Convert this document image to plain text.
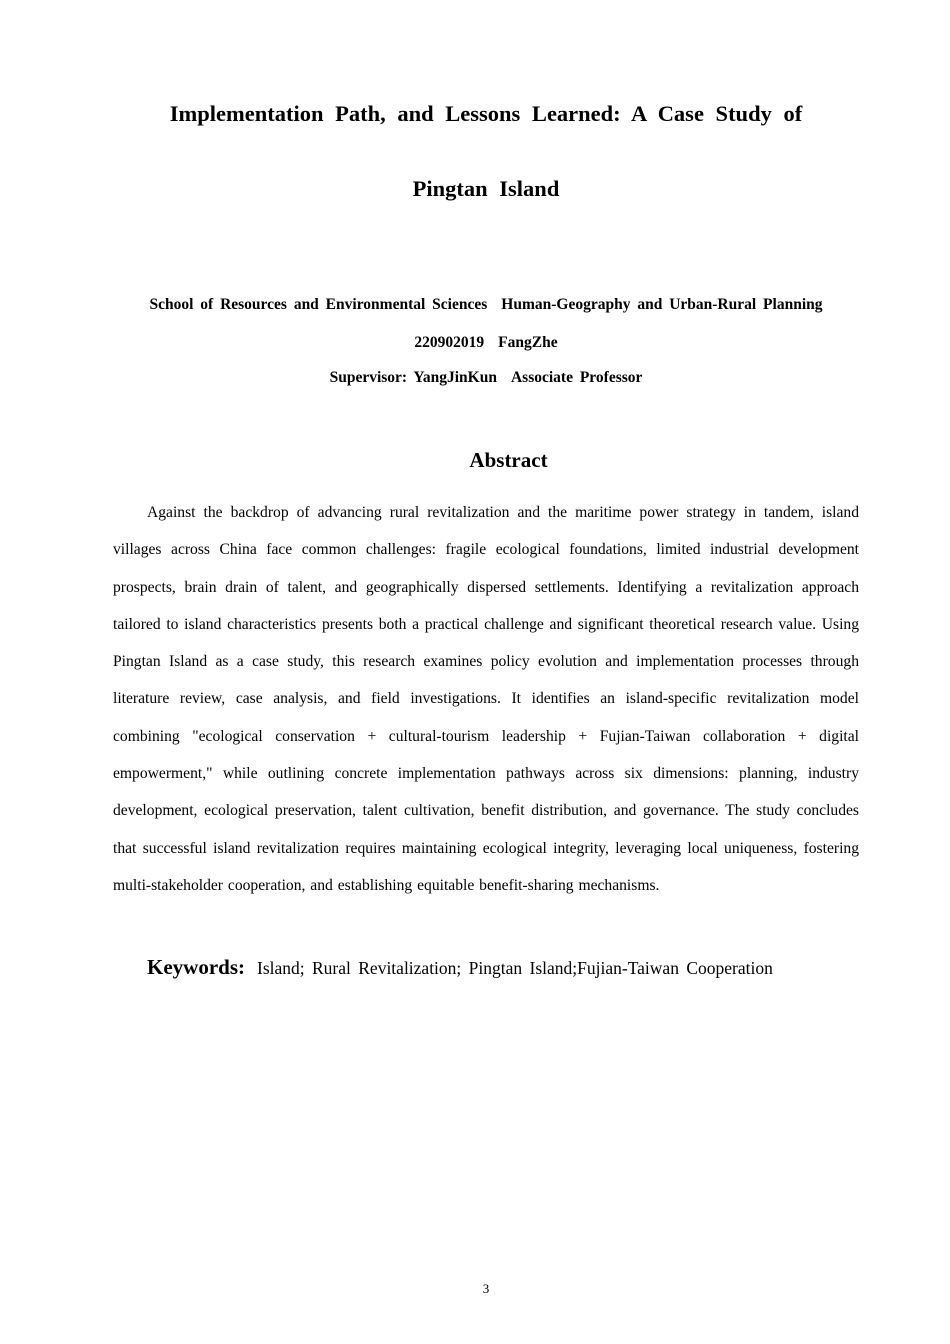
Implementation Path, and Lessons Learned: A Case Study of
Pingtan Island
School of Resources and Environmental Sciences Human-Geography and Urban-Rural Planning
220902019 FangZhe
Supervisor: YangJinKun Associate Professor
Abstract

Against the backdrop of advancing rural revitalization and the maritime power strategy in tandem, island villages across China face common challenges: fragile ecological foundations, limited industrial development prospects, brain drain of talent, and geographically dispersed settlements. Identifying a revitalization approach tailored to island characteristics presents both a practical challenge and significant theoretical research value. Using Pingtan Island as a case study, this research examines policy evolution and implementation processes through literature review, case analysis, and field investigations. It identifies an island-specific revitalization model combining "ecological conservation + cultural-tourism leadership + Fujian-Taiwan collaboration + digital empowerment," while outlining concrete implementation pathways across six dimensions: planning, industry development, ecological preservation, talent cultivation, benefit distribution, and governance. The study concludes that successful island revitalization requires maintaining ecological integrity, leveraging local uniqueness, fostering multi-stakeholder cooperation, and establishing equitable benefit-sharing mechanisms.

Keywords: Island; Rural Revitalization; Pingtan Island;Fujian-Taiwan Cooperation
3
